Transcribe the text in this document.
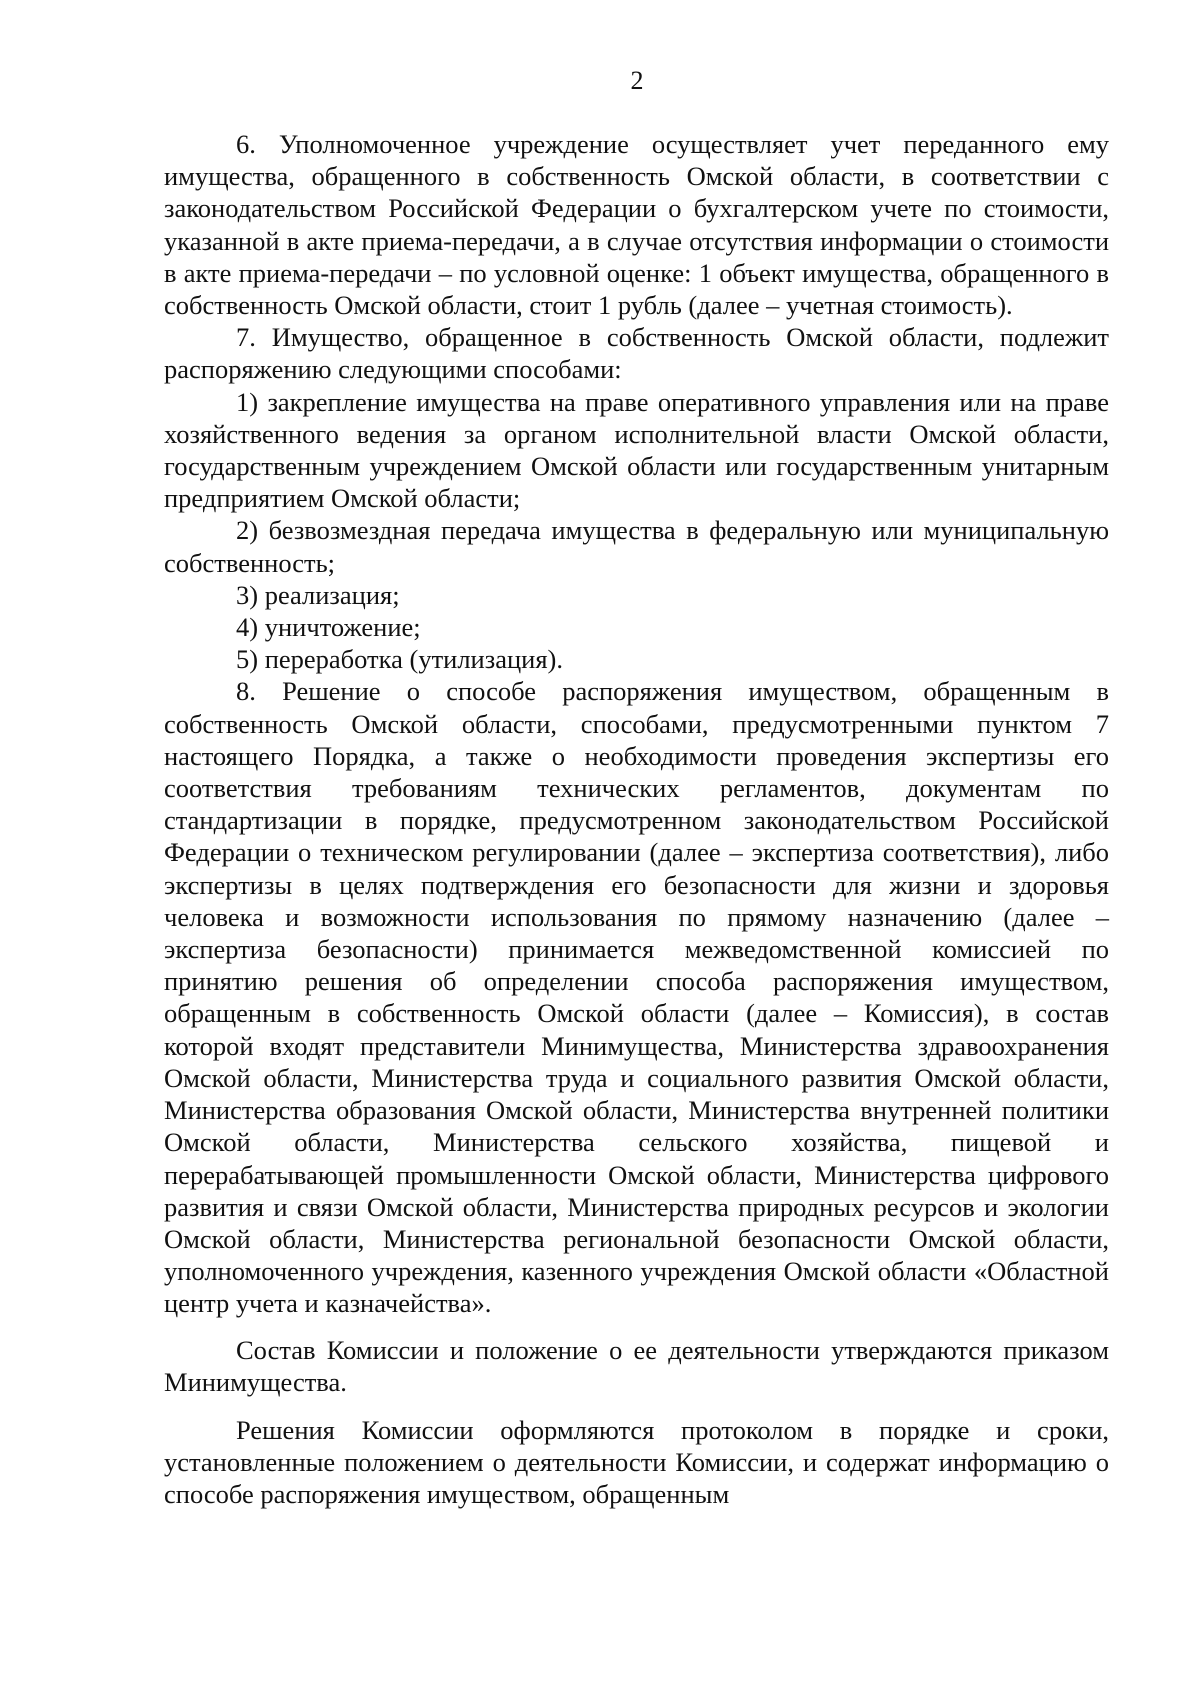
2

6. Уполномоченное учреждение осуществляет учет переданного ему имущества, обращенного в собственность Омской области, в соответствии с законодательством Российской Федерации о бухгалтерском учете по стоимости, указанной в акте приема-передачи, а в случае отсутствия информации о стоимости в акте приема-передачи – по условной оценке: 1 объект имущества, обращенного в собственность Омской области, стоит 1 рубль (далее – учетная стоимость).

7. Имущество, обращенное в собственность Омской области, подлежит распоряжению следующими способами:

1) закрепление имущества на праве оперативного управления или на праве хозяйственного ведения за органом исполнительной власти Омской области, государственным учреждением Омской области или государственным унитарным предприятием Омской области;

2) безвозмездная передача имущества в федеральную или муниципальную собственность;

3) реализация;

4) уничтожение;

5) переработка (утилизация).

8. Решение о способе распоряжения имуществом, обращенным в собственность Омской области, способами, предусмотренными пунктом 7 настоящего Порядка, а также о необходимости проведения экспертизы его соответствия требованиям технических регламентов, документам по стандартизации в порядке, предусмотренном законодательством Российской Федерации о техническом регулировании (далее – экспертиза соответствия), либо экспертизы в целях подтверждения его безопасности для жизни и здоровья человека и возможности использования по прямому назначению (далее – экспертиза безопасности) принимается межведомственной комиссией по принятию решения об определении способа распоряжения имуществом, обращенным в собственность Омской области (далее – Комиссия), в состав которой входят представители Минимущества, Министерства здравоохранения Омской области, Министерства труда и социального развития Омской области, Министерства образования Омской области, Министерства внутренней политики Омской области, Министерства сельского хозяйства, пищевой и перерабатывающей промышленности Омской области, Министерства цифрового развития и связи Омской области, Министерства природных ресурсов и экологии Омской области, Министерства региональной безопасности Омской области, уполномоченного учреждения, казенного учреждения Омской области «Областной центр учета и казначейства».

Состав Комиссии и положение о ее деятельности утверждаются приказом Минимущества.

Решения Комиссии оформляются протоколом в порядке и сроки, установленные положением о деятельности Комиссии, и содержат информацию о способе распоряжения имуществом, обращенным
